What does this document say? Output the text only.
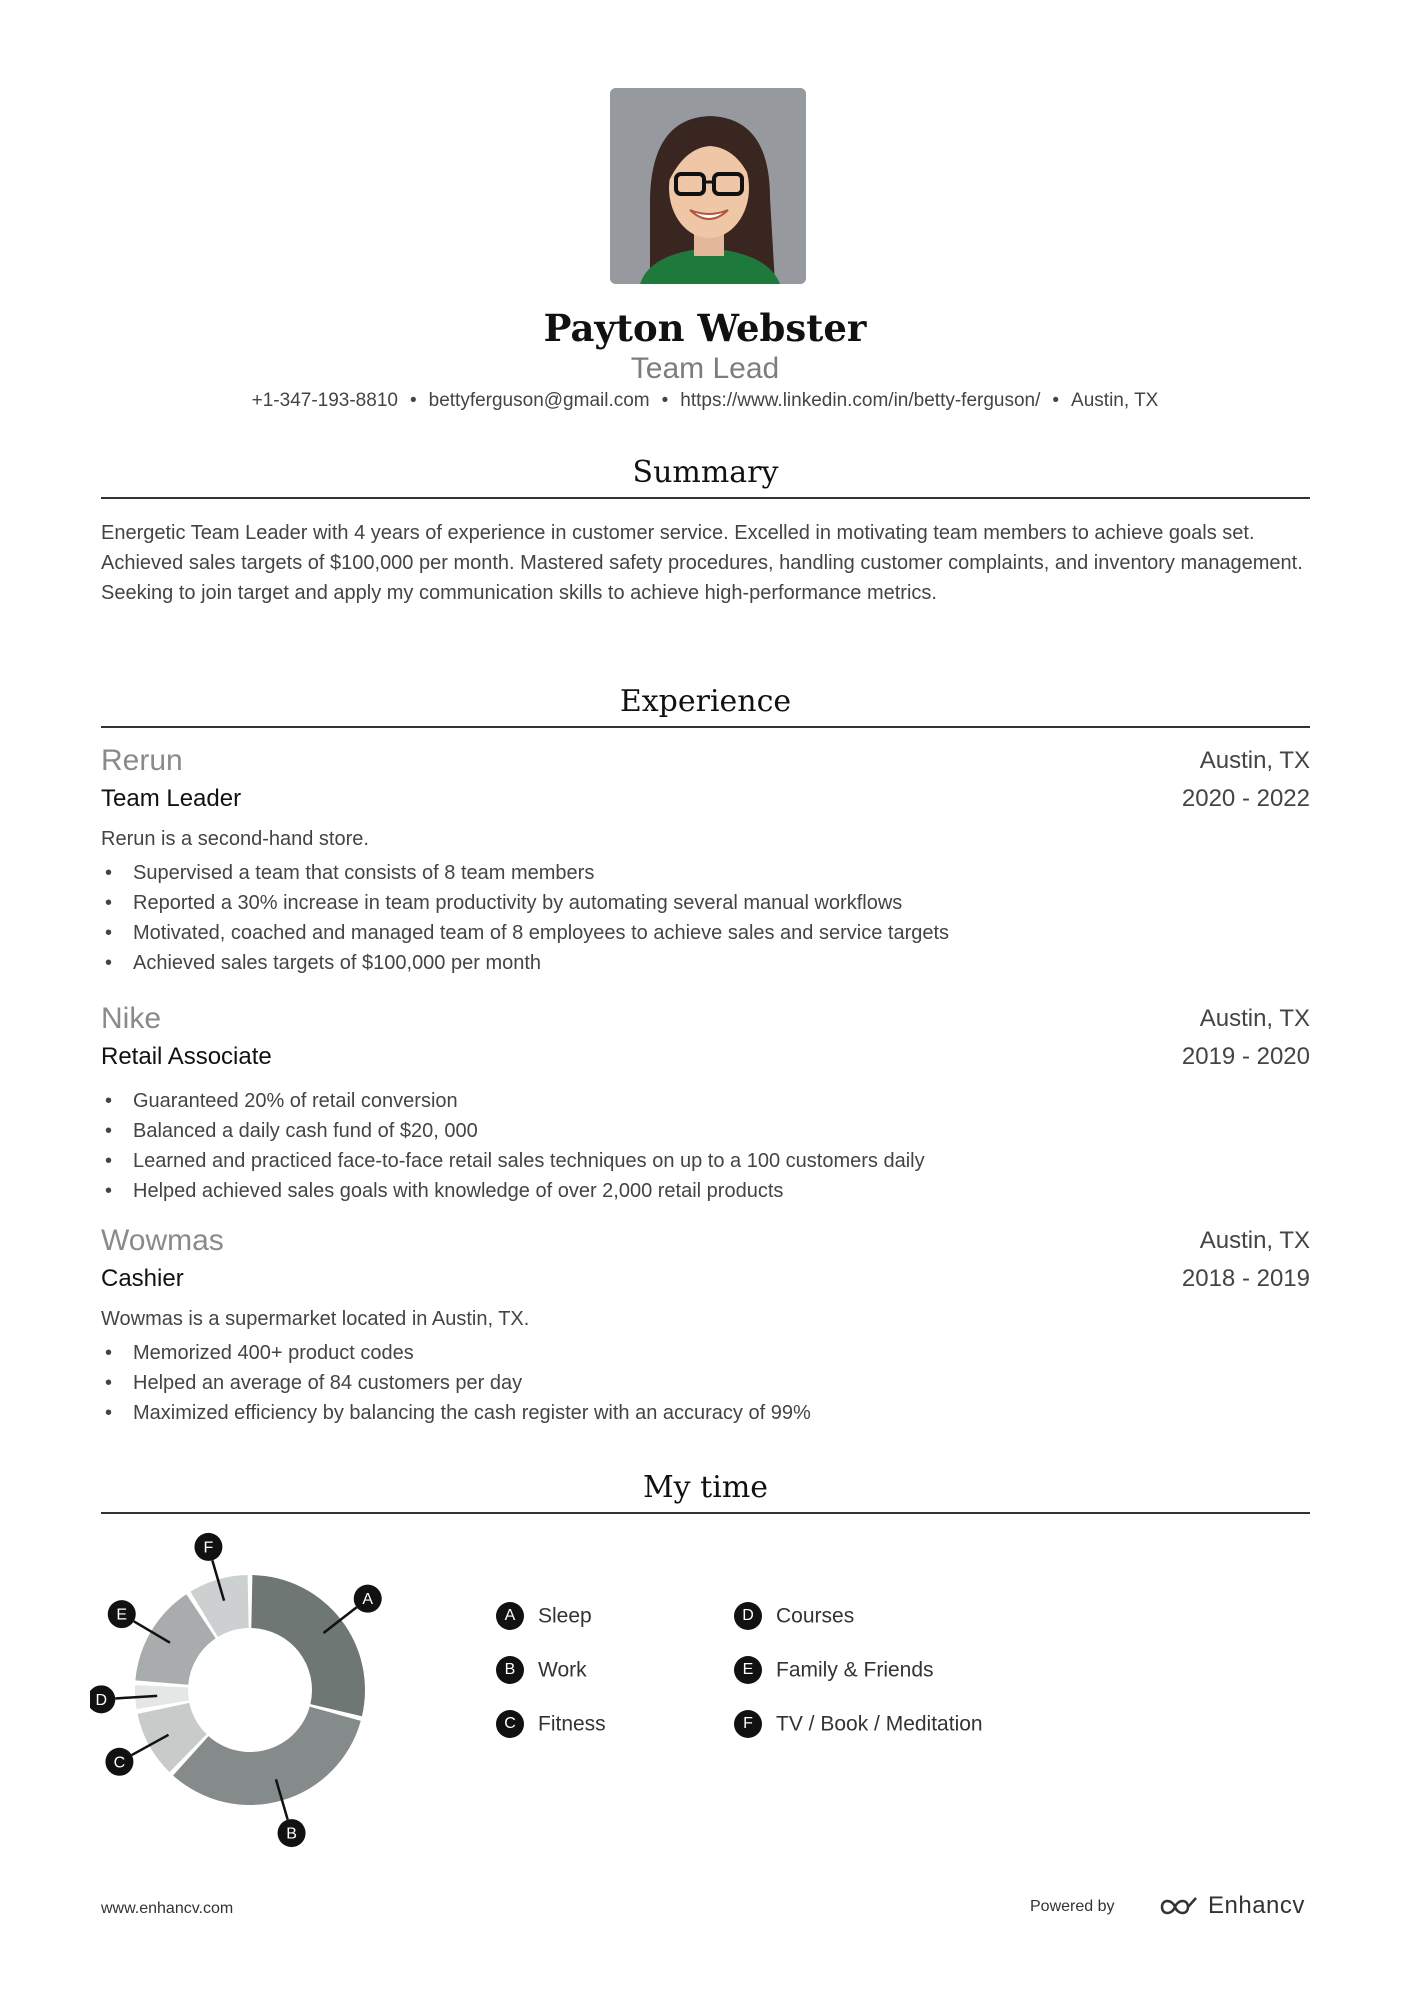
Payton Webster
Team Lead
+1-347-193-8810 • bettyferguson@gmail.com • https://www.linkedin.com/in/betty-ferguson/ • Austin, TX
Summary
Energetic Team Leader with 4 years of experience in customer service. Excelled in motivating team members to achieve goals set. Achieved sales targets of $100,000 per month. Mastered safety procedures, handling customer complaints, and inventory management. Seeking to join target and apply my communication skills to achieve high-performance metrics.
Experience
Rerun	Austin, TX
Team Leader	2020 - 2022
Rerun is a second-hand store.
• Supervised a team that consists of 8 team members
• Reported a 30% increase in team productivity by automating several manual workflows
• Motivated, coached and managed team of 8 employees to achieve sales and service targets
• Achieved sales targets of $100,000 per month
Nike	Austin, TX
Retail Associate	2019 - 2020
• Guaranteed 20% of retail conversion
• Balanced a daily cash fund of $20, 000
• Learned and practiced face-to-face retail sales techniques on up to a 100 customers daily
• Helped achieved sales goals with knowledge of over 2,000 retail products
Wowmas	Austin, TX
Cashier	2018 - 2019
Wowmas is a supermarket located in Austin, TX.
• Memorized 400+ product codes
• Helped an average of 84 customers per day
• Maximized efficiency by balancing the cash register with an accuracy of 99%
My time
A
B
C
D
E
F
A Sleep
B Work
C Fitness
D Courses
E Family & Friends
F TV / Book / Meditation
www.enhancv.com	Powered by	Enhancv
